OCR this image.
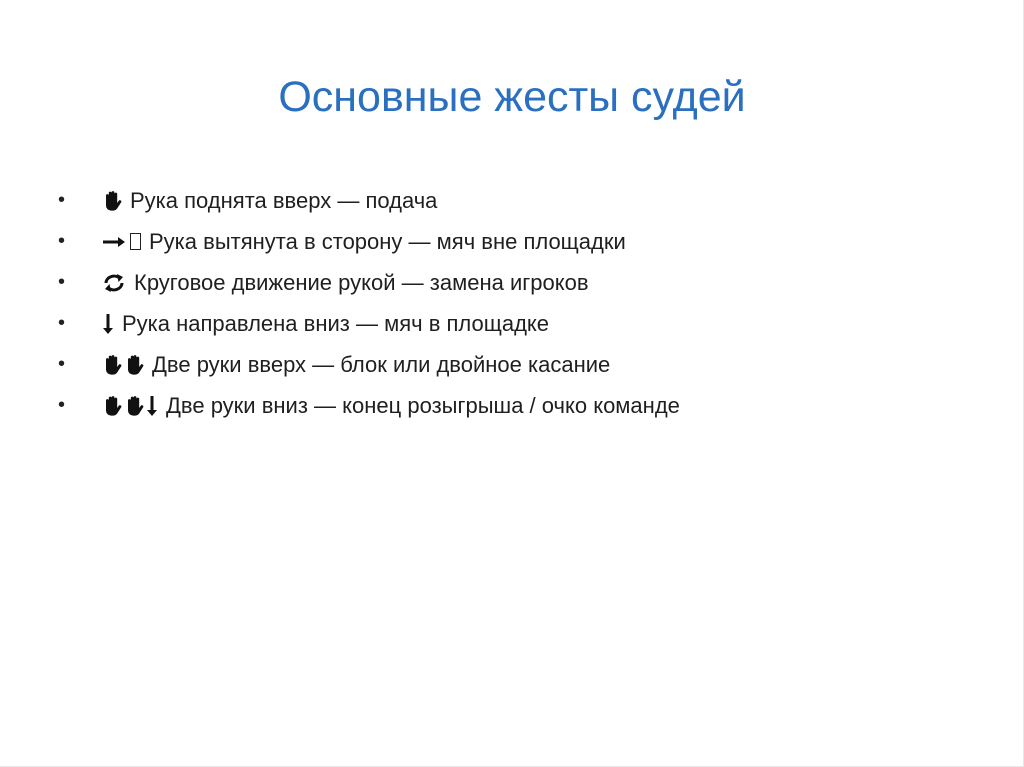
Основные жесты судей
•	Рука поднята вверх — подача
•	Рука вытянута в сторону — мяч вне площадки
•	Круговое движение рукой — замена игроков
•	Рука направлена вниз — мяч в площадке
•	Две руки вверх — блок или двойное касание
•	Две руки вниз — конец розыгрыша / очко команде
